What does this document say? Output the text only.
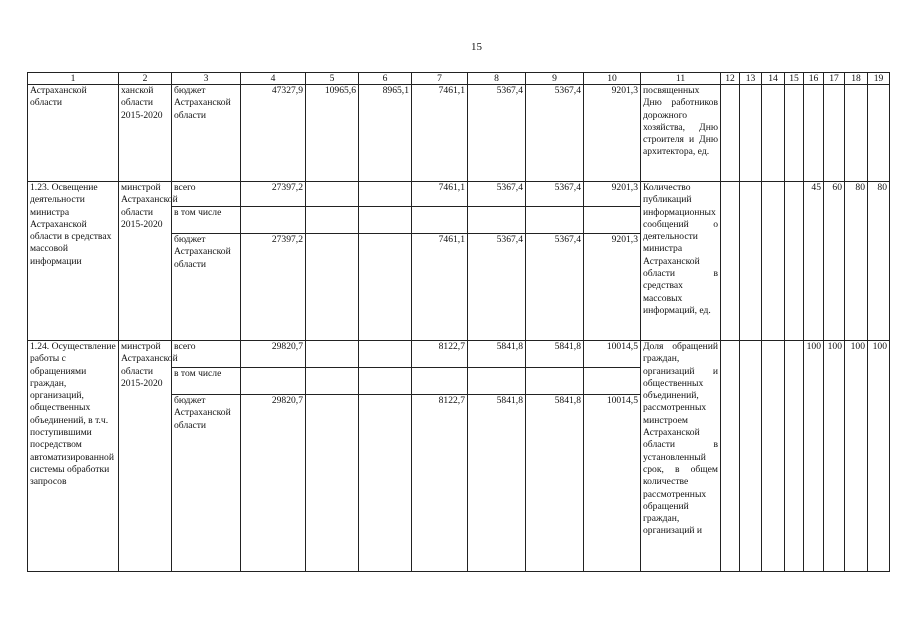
15
1	2	3	4	5	6	7	8	9	10	11	12	13	14	15	16	17	18	19
Астраханской области	ханской области 2015-2020	бюджет Астраханской области	47327,9	10965,6	8965,1	7461,1	5367,4	5367,4	9201,3	посвященных Дню работников дорожного хозяйства, Дню строителя и Дню архитектора, ед.								
1.23. Освещение деятельности министра Астраханской области в средствах массовой информации	минстрой Астраханской области 2015-2020	всего	27397,2			7461,1	5367,4	5367,4	9201,3	Количество публикаций информационных сообщений о деятельности министра Астраханской области в средствах массовых информаций, ед.					45	60	80	80
		в том числе																
		бюджет Астраханской области	27397,2			7461,1	5367,4	5367,4	9201,3									
1.24. Осуществление работы с обращениями граждан, организаций, общественных объединений, в т.ч. поступившими посредством автоматизированной системы обработки запросов	минстрой Астраханской области 2015-2020	всего	29820,7			8122,7	5841,8	5841,8	10014,5	Доля обращений граждан, организаций и общественных объединений, рассмотренных минстроем Астраханской области в установленный срок, в общем количестве рассмотренных обращений граждан, организаций и					100	100	100	100
		в том числе																
		бюджет Астраханской области	29820,7			8122,7	5841,8	5841,8	10014,5									
